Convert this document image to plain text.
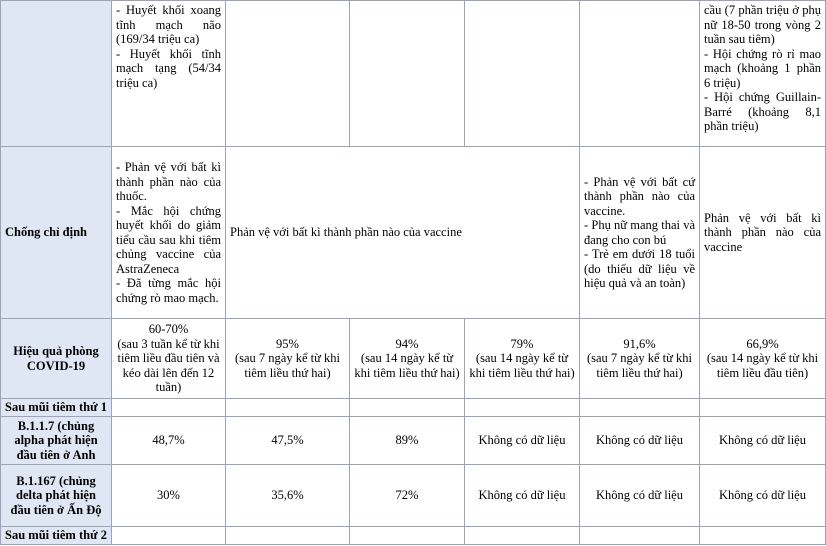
	- Huyết khối xoang tĩnh mạch não (169/34 triệu ca)
- Huyết khối tĩnh mạch tạng (54/34 triệu ca)					cầu (7 phần triệu ở phụ nữ 18-50 trong vòng 2 tuần sau tiêm)
- Hội chứng rò rỉ mao mạch (khoảng 1 phần 6 triệu)
- Hội chứng Guillain-Barré (khoảng 8,1 phần triệu)

Chống chỉ định	- Phản vệ với bất kì thành phần nào của thuốc.
- Mắc hội chứng huyết khối do giảm tiểu cầu sau khi tiêm chủng vaccine của AstraZeneca
- Đã từng mắc hội chứng rò mao mạch.	Phản vệ với bất kì thành phần nào của vaccine			- Phản vệ với bất cứ thành phần nào của vaccine.
- Phụ nữ mang thai và đang cho con bú
- Trẻ em dưới 18 tuổi (do thiếu dữ liệu về hiệu quả và an toàn)	Phản vệ với bất kì thành phần nào của vaccine
Hiệu quả phòng COVID-19	60-70%
(sau 3 tuần kể từ khi tiêm liều đầu tiên và kéo dài lên đến 12 tuần)	95%
(sau 7 ngày kể từ khi tiêm liều thứ hai)	94%
(sau 14 ngày kể từ khi tiêm liều thứ hai)	79%
(sau 14 ngày kể từ khi tiêm liều thứ hai)	91,6%
(sau 7 ngày kể từ khi tiêm liều thứ hai)	66,9%
(sau 14 ngày kể từ khi tiêm liều đầu tiên)

Sau mũi tiêm thứ 1						
B.1.1.7 (chủng alpha phát hiện đầu tiên ở Anh	48,7%	47,5%	89%	Không có dữ liệu	Không có dữ liệu	Không có dữ liệu
B.1.167 (chủng delta phát hiện đầu tiên ở Ấn Độ	30%	35,6%	72%	Không có dữ liệu	Không có dữ liệu	Không có dữ liệu
Sau mũi tiêm thứ 2						
